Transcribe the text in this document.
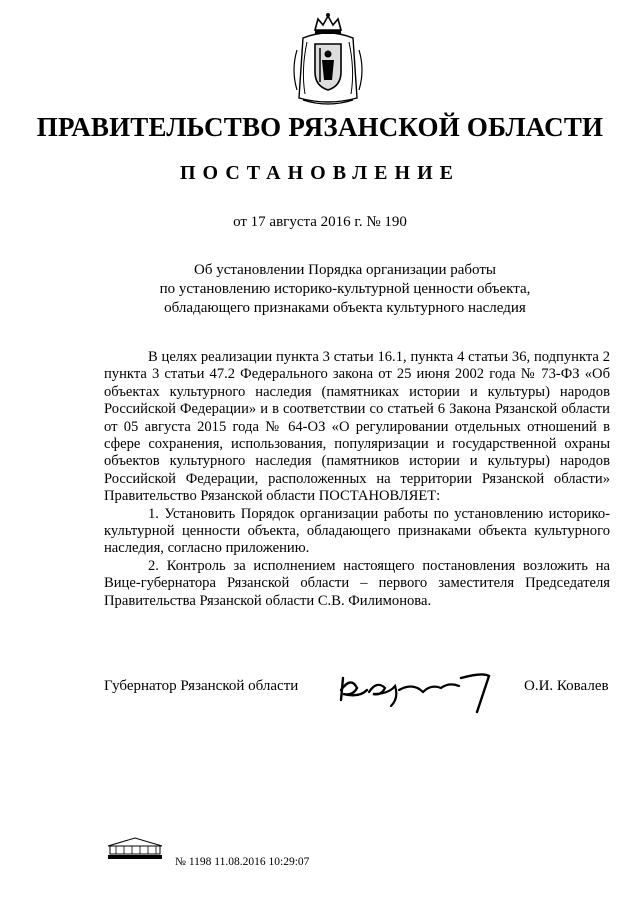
ПРАВИТЕЛЬСТВО РЯЗАНСКОЙ ОБЛАСТИ
ПОСТАНОВЛЕНИЕ
от 17 августа 2016 г. № 190
Об установлении Порядка организации работы
по установлению историко-культурной ценности объекта,
обладающего признаками объекта культурного наследия

В целях реализации пункта 3 статьи 16.1, пункта 4 статьи 36, подпункта 2 пункта 3 статьи 47.2 Федерального закона от 25 июня 2002 года № 73-ФЗ «Об объектах культурного наследия (памятниках истории и культуры) народов Российской Федерации» и в соответствии со статьей 6 Закона Рязанской области от 05 августа 2015 года № 64-ОЗ «О регулировании отдельных отношений в сфере сохранения, использования, популяризации и государственной охраны объектов культурного наследия (памятников истории и культуры) народов Российской Федерации, расположенных на территории Рязанской области» Правительство Рязанской области ПОСТАНОВЛЯЕТ:

1. Установить Порядок организации работы по установлению историко-культурной ценности объекта, обладающего признаками объекта культурного наследия, согласно приложению.

2. Контроль за исполнением настоящего постановления возложить на Вице-губернатора Рязанской области – первого заместителя Председателя Правительства Рязанской области С.В. Филимонова.

Губернатор Рязанской области	О.И. Ковалев
№ 1198 11.08.2016 10:29:07
